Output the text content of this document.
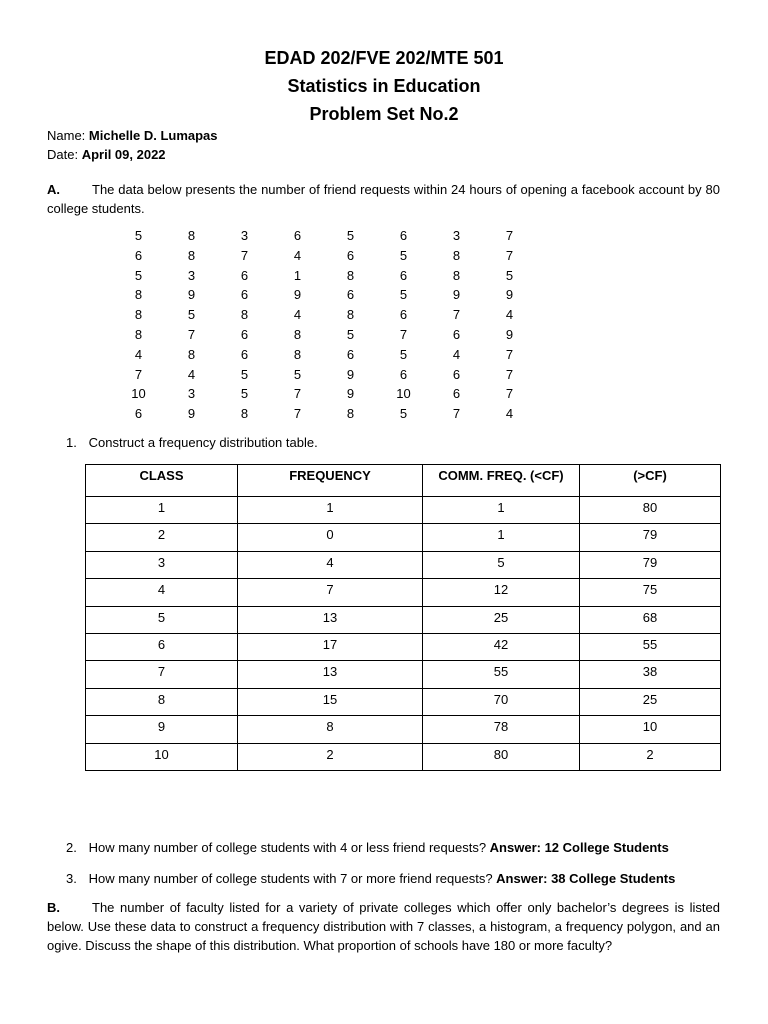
EDAD 202/FVE 202/MTE 501
Statistics in Education
Problem Set No.2
Name: Michelle D. Lumapas
Date: April 09, 2022
A. The data below presents the number of friend requests within 24 hours of opening a facebook account by 80 college students.
5	8	3	6	5	6	3	7
6	8	7	4	6	5	8	7
5	3	6	1	8	6	8	5
8	9	6	9	6	5	9	9
8	5	8	4	8	6	7	4
8	7	6	8	5	7	6	9
4	8	6	8	6	5	4	7
7	4	5	5	9	6	6	7
10	3	5	7	9	10	6	7
6	9	8	7	8	5	7	4
1. Construct a frequency distribution table.
CLASS	FREQUENCY	COMM. FREQ. (<CF)	(>CF)
1	1	1	80
2	0	1	79
3	4	5	79
4	7	12	75
5	13	25	68
6	17	42	55
7	13	55	38
8	15	70	25
9	8	78	10
10	2	80	2
2. How many number of college students with 4 or less friend requests? Answer: 12 College Students
3. How many number of college students with 7 or more friend requests? Answer: 38 College Students
B. The number of faculty listed for a variety of private colleges which offer only bachelor’s degrees is listed below. Use these data to construct a frequency distribution with 7 classes, a histogram, a frequency polygon, and an ogive. Discuss the shape of this distribution. What proportion of schools have 180 or more faculty?
